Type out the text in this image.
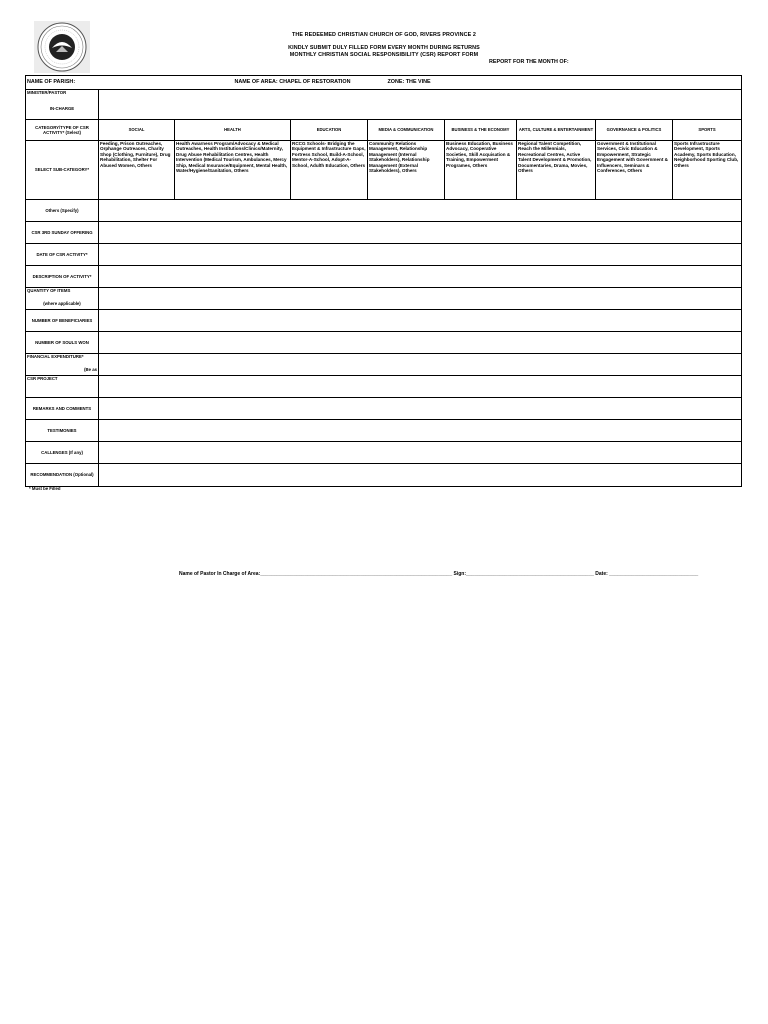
THE REDEEMED CHRISTIAN CHURCH OF GOD, RIVERS PROVINCE 2
KINDLY SUBMIT DULY FILLED FORM EVERY MONTH DURING RETURNS
MONTHLY CHRISTIAN SOCIAL RESPONSIBILITY (CSR) REPORT FORM
REPORT FOR THE MONTH OF:
NAME OF PARISH:			NAME OF AREA: CHAPEL OF RESTORATION			ZONE: THE VINE		

MINISTER/PASTOR
IN-CHARGE								

CATEGORY/TYPE OF CSR ACTIVITY* (Select)	SOCIAL	HEALTH	EDUCATION	MEDIA & COMMUNICATION	BUSINESS & THE ECONOMY	ARTS, CULTURE & ENTERTAINMENT	GOVERNANCE & POLITICS	SPORTS
SELECT SUB-CATEGORY*	Feeding, Prison Outreaches, Orphange Outreaces, Charity Shop (Clothing, Furniture), Drug Rehabilitation, Shelter For Abused Women, Others	Health Awarness Program/Advocacy & Medical Outreaches, Health Institutions/Clinics/Maternity, Drug Abuse Rehabilitation Centres, Health Intervention (Medical Tourism, Ambulances, Mercy Ship, Medical Insurance/Equipment, Mental Health, Water/Hygiene/Sanitation, Others	RCCG Schools- Bridging the Equipment & Infrastructure Gaps, Fortress School, Build-A-School, Mentor-A-School, Adopt-A-School, Adulth Education, Others	Community Relations Management, Relationship Management (Internal Stakeholders), Relationship Management (External Stakeholders), Others	Business Education, Business Advocacy, Cooperative Societies, Skill Acquisation & Training, Empowerment Programes, Others	Regional Talent Competition, Reach the Millennials, Recreational Centres, Active Talent Development & Promotion, Documentaries, Drama, Movies, Others	Government & Institutional Services, Civic Education & Empowerment, Strategic Engagement with Government & Influencers, Seminars & Conferences, Others	Sports Infrastructure Development, Sports Academy, Sports Education, Neighborhood Sporting Club, Others
Others (Specify)								
CSR 3RD SUNDAY OFFERING								
DATE OF CSR ACTIVITY*								
DESCRIPTION OF ACTIVITY*								

QUANTITY OF ITEMS
(where applicable)								

NUMBER OF BENEFICIARIES								
NUMBER OF SOULS WON								

FINANCIAL EXPENDITURE*
(Be as								

CSR PROJECT								
REMARKS AND COMMENTS								
TESTIMONIES								
CALLENGES (If any)								
RECOMMENDATION (Optional)								
* Must be Filled
Name of Pastor In Charge of Area:_____________________________________________________________________ Sign:______________________________________________ Date: ________________________________
